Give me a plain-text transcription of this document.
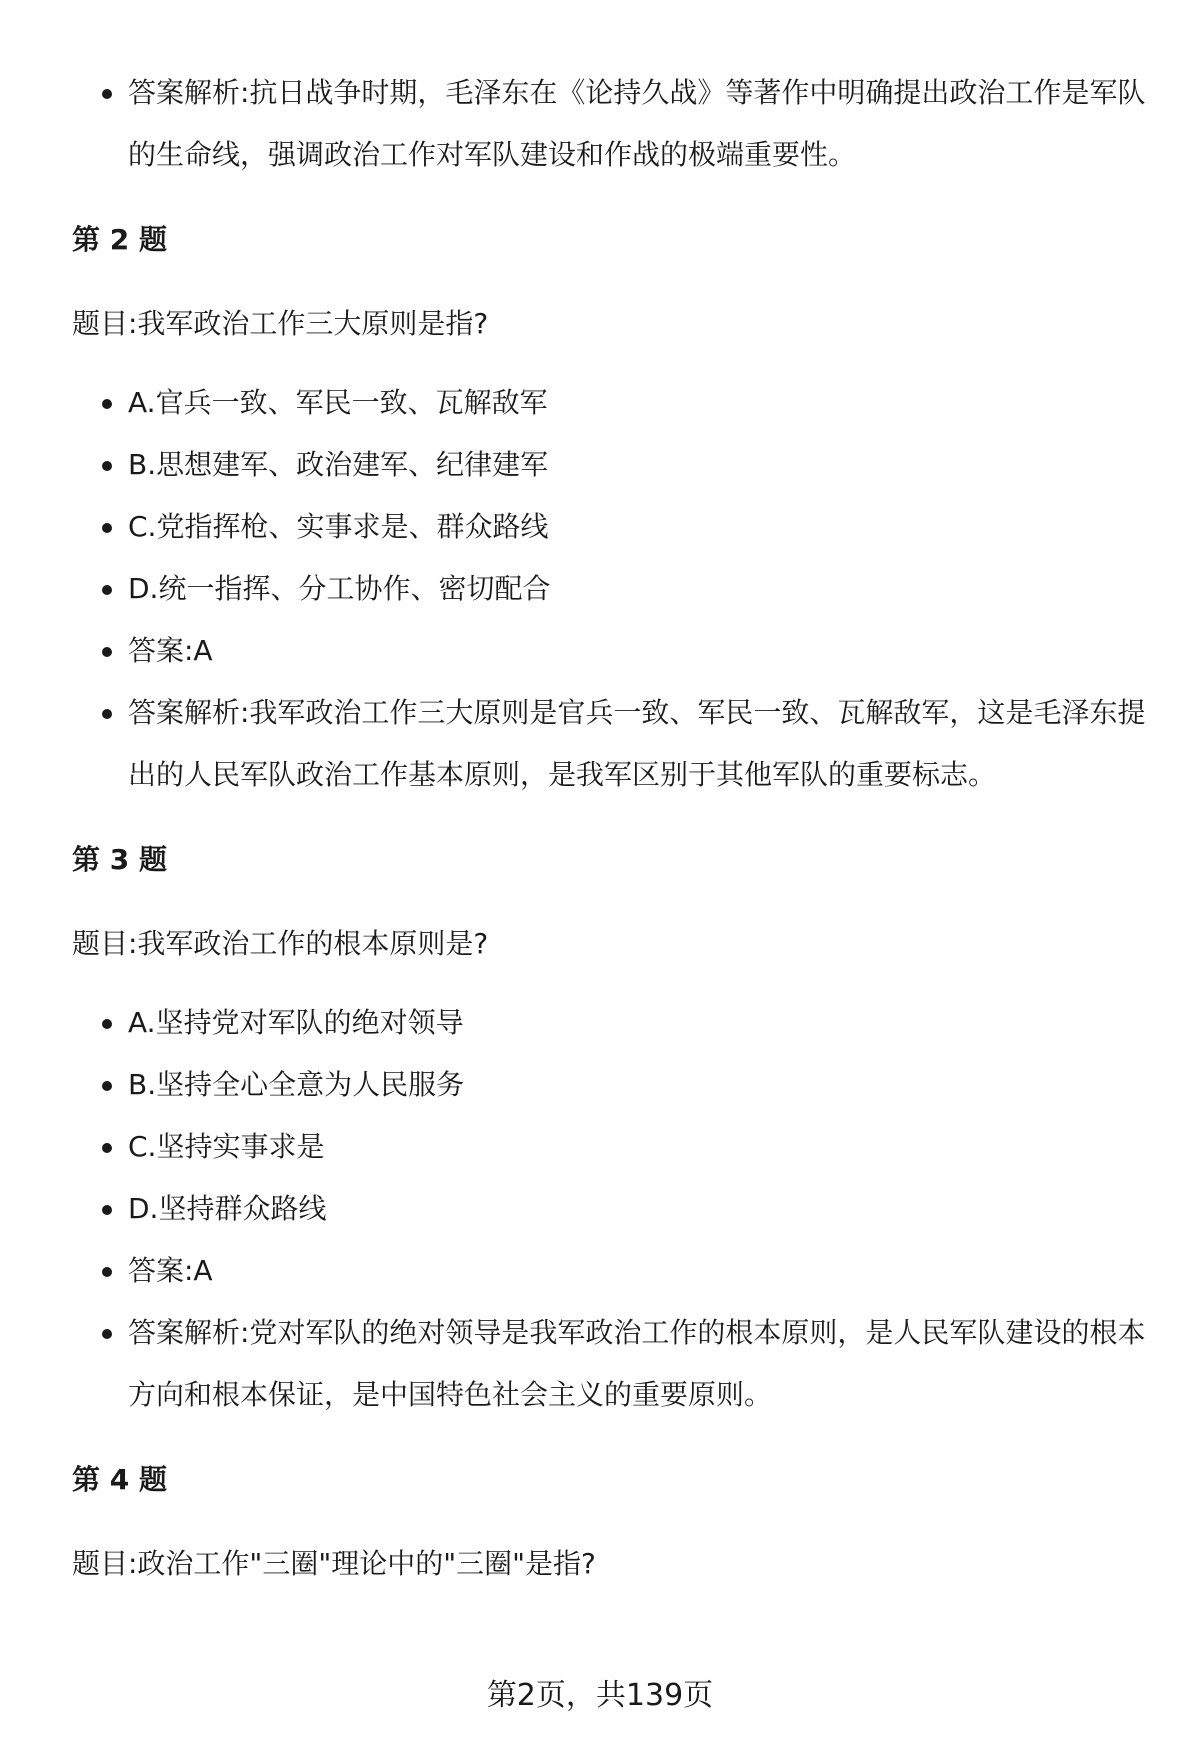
答案解析:抗日战争时期，毛泽东在《论持久战》等著作中明确提出政治工作是军队的生命线，强调政治工作对军队建设和作战的极端重要性。
第 2 题
题目:我军政治工作三大原则是指?
A.官兵一致、军民一致、瓦解敌军
B.思想建军、政治建军、纪律建军
C.党指挥枪、实事求是、群众路线
D.统一指挥、分工协作、密切配合
答案:A
答案解析:我军政治工作三大原则是官兵一致、军民一致、瓦解敌军，这是毛泽东提出的人民军队政治工作基本原则，是我军区别于其他军队的重要标志。
第 3 题
题目:我军政治工作的根本原则是?
A.坚持党对军队的绝对领导
B.坚持全心全意为人民服务
C.坚持实事求是
D.坚持群众路线
答案:A
答案解析:党对军队的绝对领导是我军政治工作的根本原则，是人民军队建设的根本方向和根本保证，是中国特色社会主义的重要原则。
第 4 题
题目:政治工作"三圈"理论中的"三圈"是指?
第2页，共139页
